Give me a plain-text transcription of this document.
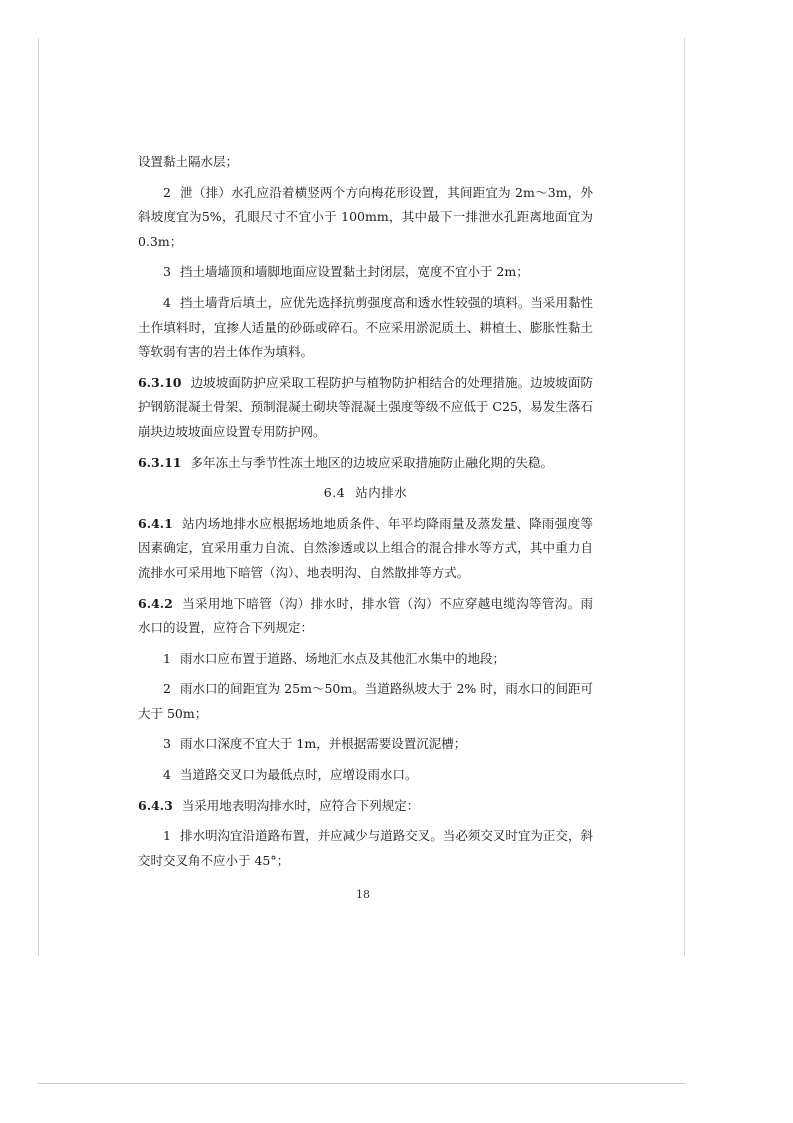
设置黏土隔水层；

2 泄（排）水孔应沿着横竖两个方向梅花形设置，其间距宜为 2m～3m，外斜坡度宜为5%，孔眼尺寸不宜小于 100mm，其中最下一排泄水孔距离地面宜为0.3m；

3 挡土墙墙顶和墙脚地面应设置黏土封闭层，宽度不宜小于 2m；

4 挡土墙背后填土，应优先选择抗剪强度高和透水性较强的填料。当采用黏性土作填料时，宜掺人适量的砂砾或碎石。不应采用淤泥质土、耕植土、膨胀性黏土等软弱有害的岩土体作为填料。

6.3.10 边坡坡面防护应采取工程防护与植物防护相结合的处理措施。边坡坡面防护钢筋混凝土骨架、预制混凝土砌块等混凝土强度等级不应低于 C25，易发生落石崩块边坡坡面应设置专用防护网。

6.3.11 多年冻土与季节性冻土地区的边坡应采取措施防止融化期的失稳。

6.4 站内排水

6.4.1 站内场地排水应根据场地地质条件、年平均降雨量及蒸发量、降雨强度等因素确定，宜采用重力自流、自然渗透或以上组合的混合排水等方式，其中重力自流排水可采用地下暗管（沟）、地表明沟、自然散排等方式。

6.4.2 当采用地下暗管（沟）排水时，排水管（沟）不应穿越电缆沟等管沟。雨水口的设置，应符合下列规定：

1 雨水口应布置于道路、场地汇水点及其他汇水集中的地段；

2 雨水口的间距宜为 25m～50m。当道路纵坡大于 2% 时，雨水口的间距可大于 50m；

3 雨水口深度不宜大于 1m，并根据需要设置沉泥槽；

4 当道路交叉口为最低点时，应增设雨水口。

6.4.3 当采用地表明沟排水时，应符合下列规定：

1 排水明沟宜沿道路布置，并应减少与道路交叉。当必须交叉时宜为正交，斜交时交叉角不应小于 45°；

18
